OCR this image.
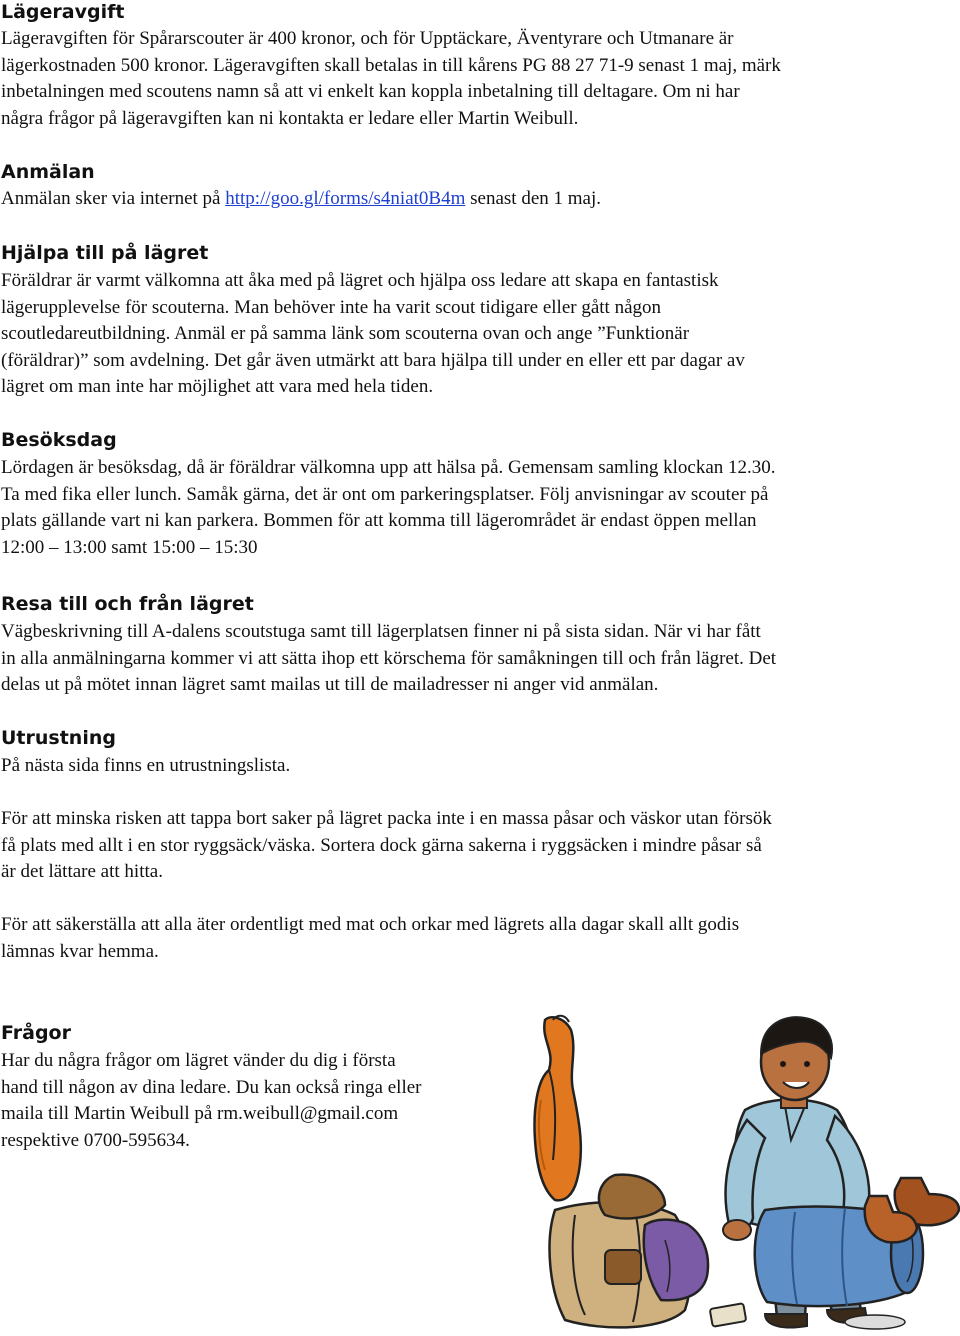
Lägeravgift
Lägeravgiften för Spårarscouter är 400 kronor, och för Upptäckare, Äventyrare och Utmanare är
lägerkostnaden 500 kronor. Lägeravgiften skall betalas in till kårens PG 88 27 71-9 senast 1 maj, märk
inbetalningen med scoutens namn så att vi enkelt kan koppla inbetalning till deltagare. Om ni har
några frågor på lägeravgiften kan ni kontakta er ledare eller Martin Weibull.
Anmälan
Anmälan sker via internet på http://goo.gl/forms/s4niat0B4m senast den 1 maj.
Hjälpa till på lägret
Föräldrar är varmt välkomna att åka med på lägret och hjälpa oss ledare att skapa en fantastisk
lägerupplevelse för scouterna. Man behöver inte ha varit scout tidigare eller gått någon
scoutledareutbildning. Anmäl er på samma länk som scouterna ovan och ange ”Funktionär
(föräldrar)” som avdelning. Det går även utmärkt att bara hjälpa till under en eller ett par dagar av
lägret om man inte har möjlighet att vara med hela tiden.
Besöksdag
Lördagen är besöksdag, då är föräldrar välkomna upp att hälsa på. Gemensam samling klockan 12.30.
Ta med fika eller lunch. Samåk gärna, det är ont om parkeringsplatser. Följ anvisningar av scouter på
plats gällande vart ni kan parkera. Bommen för att komma till lägerområdet är endast öppen mellan
12:00 – 13:00 samt 15:00 – 15:30
Resa till och från lägret
Vägbeskrivning till A-dalens scoutstuga samt till lägerplatsen finner ni på sista sidan. När vi har fått
in alla anmälningarna kommer vi att sätta ihop ett körschema för samåkningen till och från lägret. Det
delas ut på mötet innan lägret samt mailas ut till de mailadresser ni anger vid anmälan.
Utrustning
På nästa sida finns en utrustningslista.
För att minska risken att tappa bort saker på lägret packa inte i en massa påsar och väskor utan försök
få plats med allt i en stor ryggsäck/väska. Sortera dock gärna sakerna i ryggsäcken i mindre påsar så
är det lättare att hitta.
För att säkerställa att alla äter ordentligt med mat och orkar med lägrets alla dagar skall allt godis
lämnas kvar hemma.
Frågor
Har du några frågor om lägret vänder du dig i första
hand till någon av dina ledare. Du kan också ringa eller
maila till Martin Weibull på rm.weibull@gmail.com
respektive 0700-595634.
